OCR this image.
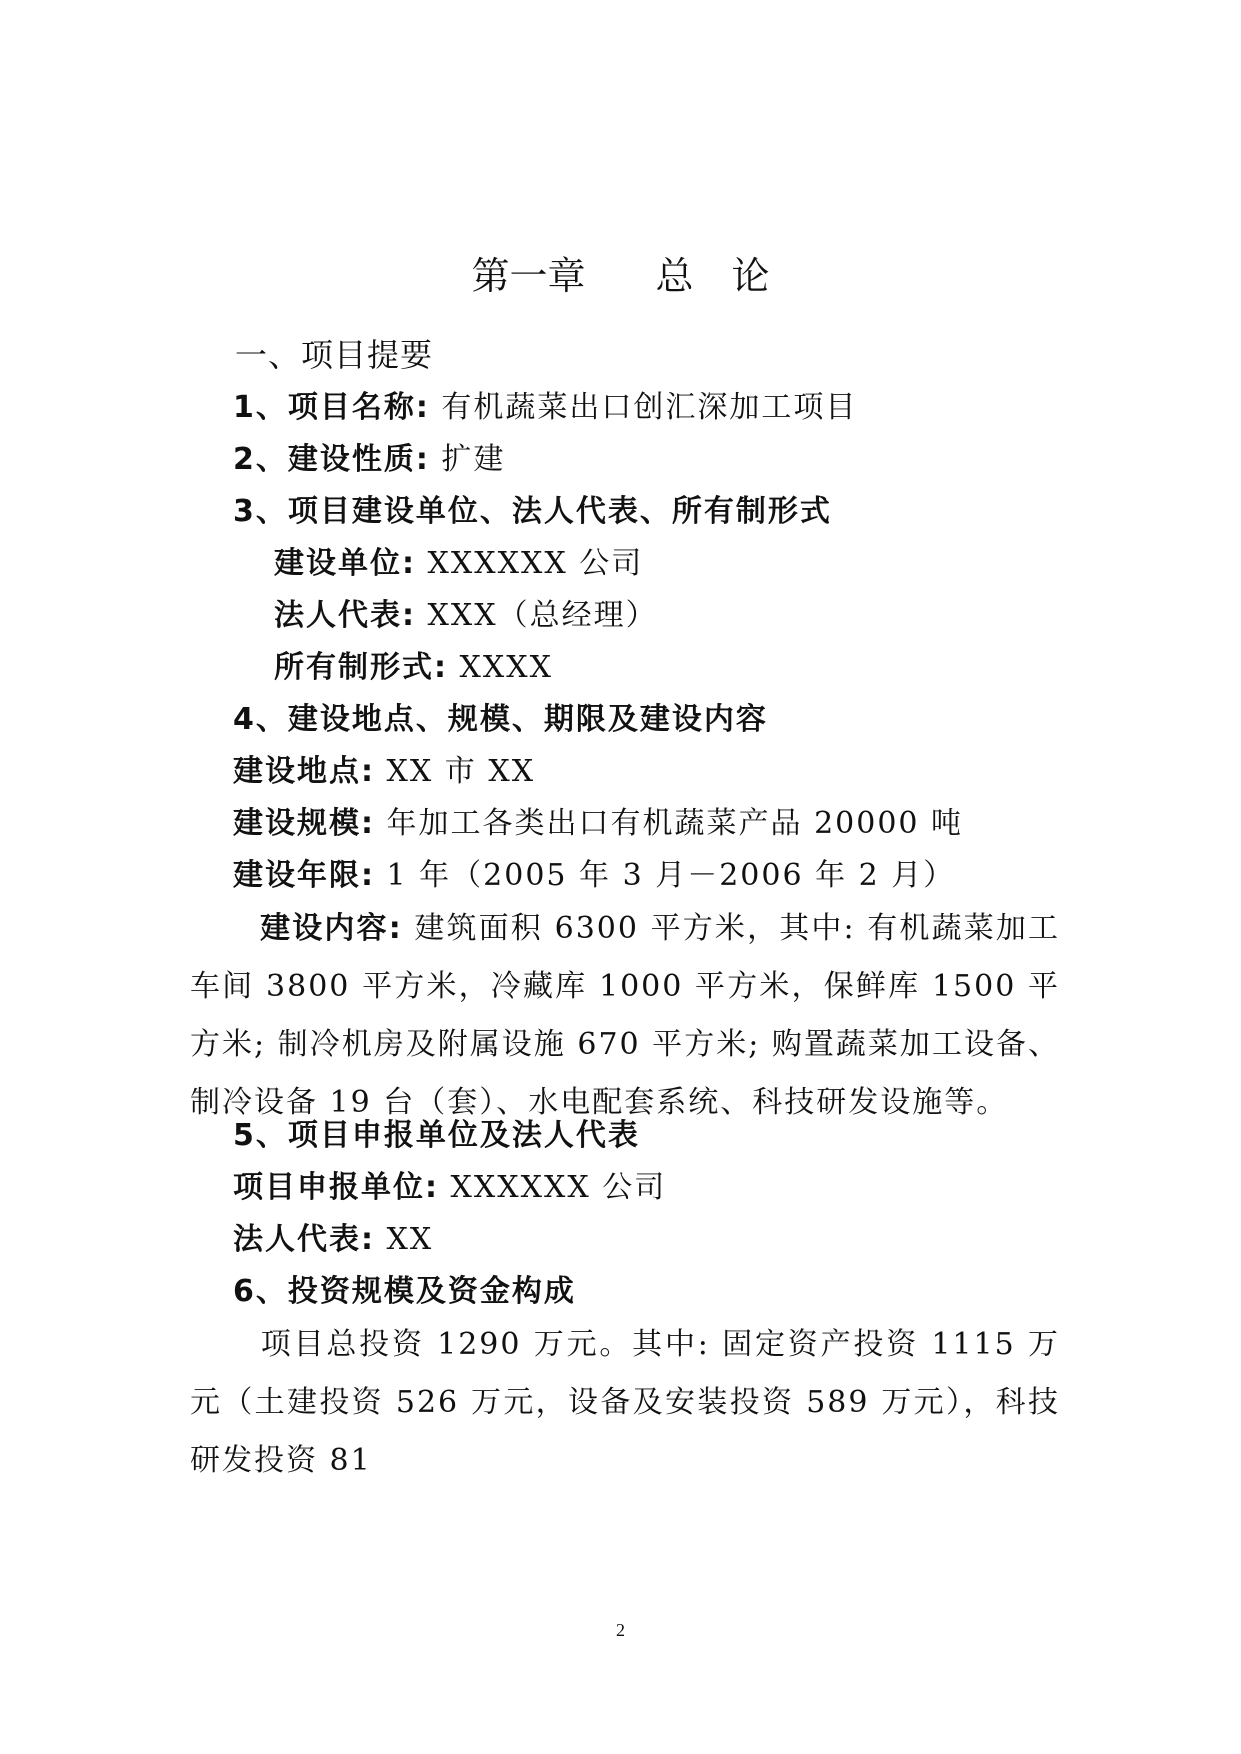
第一章 总　论
一、项目提要
1、项目名称: 有机蔬菜出口创汇深加工项目
2、建设性质: 扩建
3、项目建设单位、法人代表、所有制形式
建设单位: XXXXXX 公司
法人代表: XXX（总经理）
所有制形式: XXXX
4、建设地点、规模、期限及建设内容
建设地点: XX 市 XX
建设规模: 年加工各类出口有机蔬菜产品 20000 吨
建设年限: 1 年（2005 年 3 月－2006 年 2 月）
建设内容: 建筑面积 6300 平方米，其中: 有机蔬菜加工车间 3800 平方米，冷藏库 1000 平方米，保鲜库 1500 平方米; 制冷机房及附属设施 670 平方米; 购置蔬菜加工设备、制冷设备 19 台（套）、水电配套系统、科技研发设施等。
5、项目申报单位及法人代表
项目申报单位: XXXXXX 公司
法人代表: XX
6、投资规模及资金构成
项目总投资 1290 万元。其中: 固定资产投资 1115 万元（土建投资 526 万元，设备及安装投资 589 万元），科技研发投资 81
2
